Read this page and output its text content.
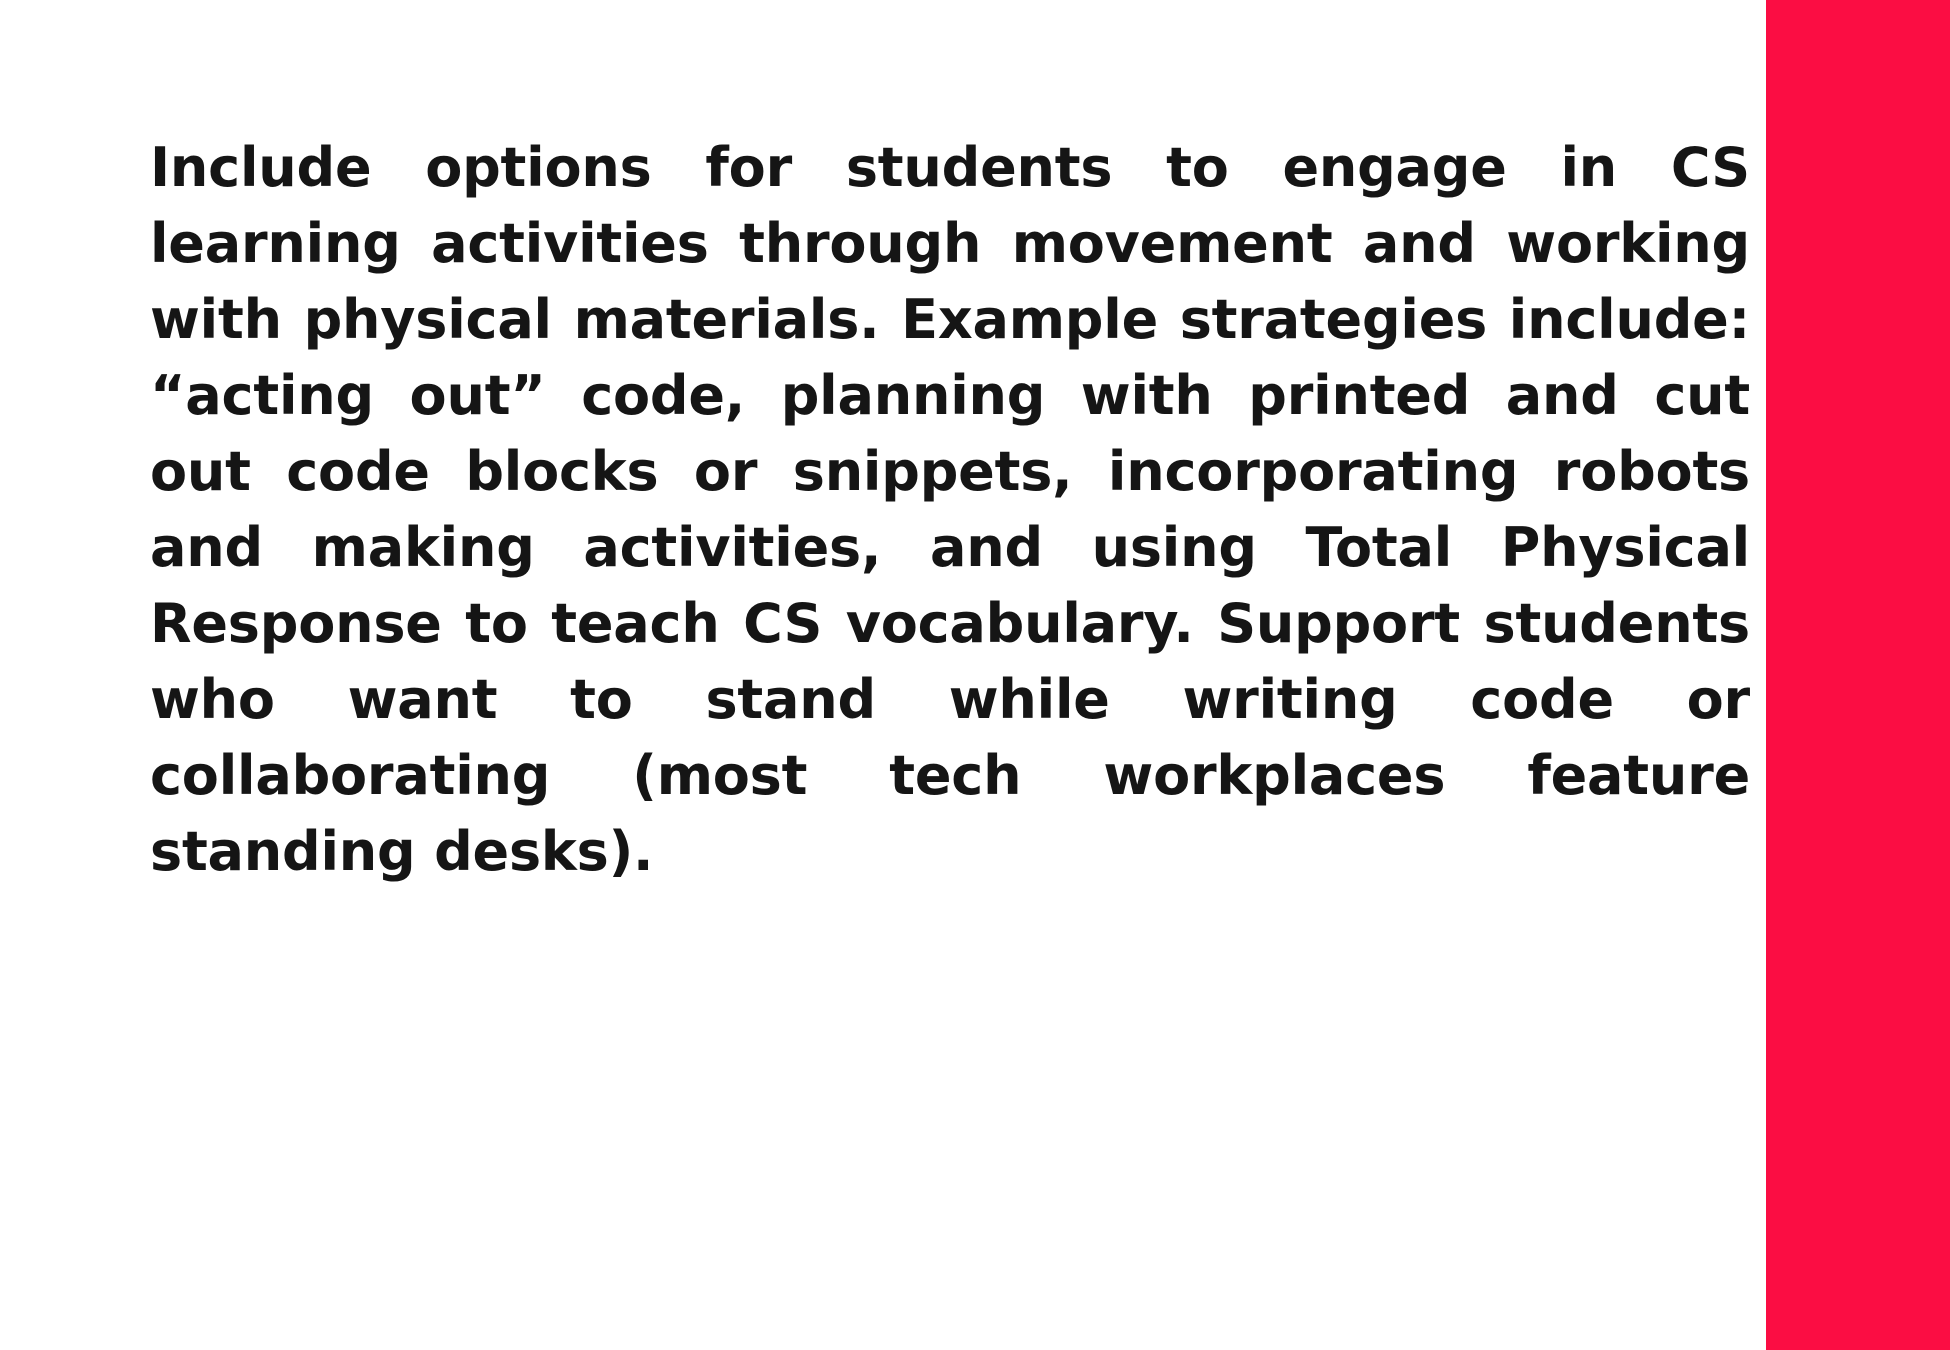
Include options for students to engage in CS learning activities through movement and working with physical materials. Example strategies include: “acting out” code, planning with printed and cut out code blocks or snippets, incorporating robots and making activities, and using Total Physical Response to teach CS vocabulary. Support students who want to stand while writing code or collaborating (most tech workplaces feature standing desks).
